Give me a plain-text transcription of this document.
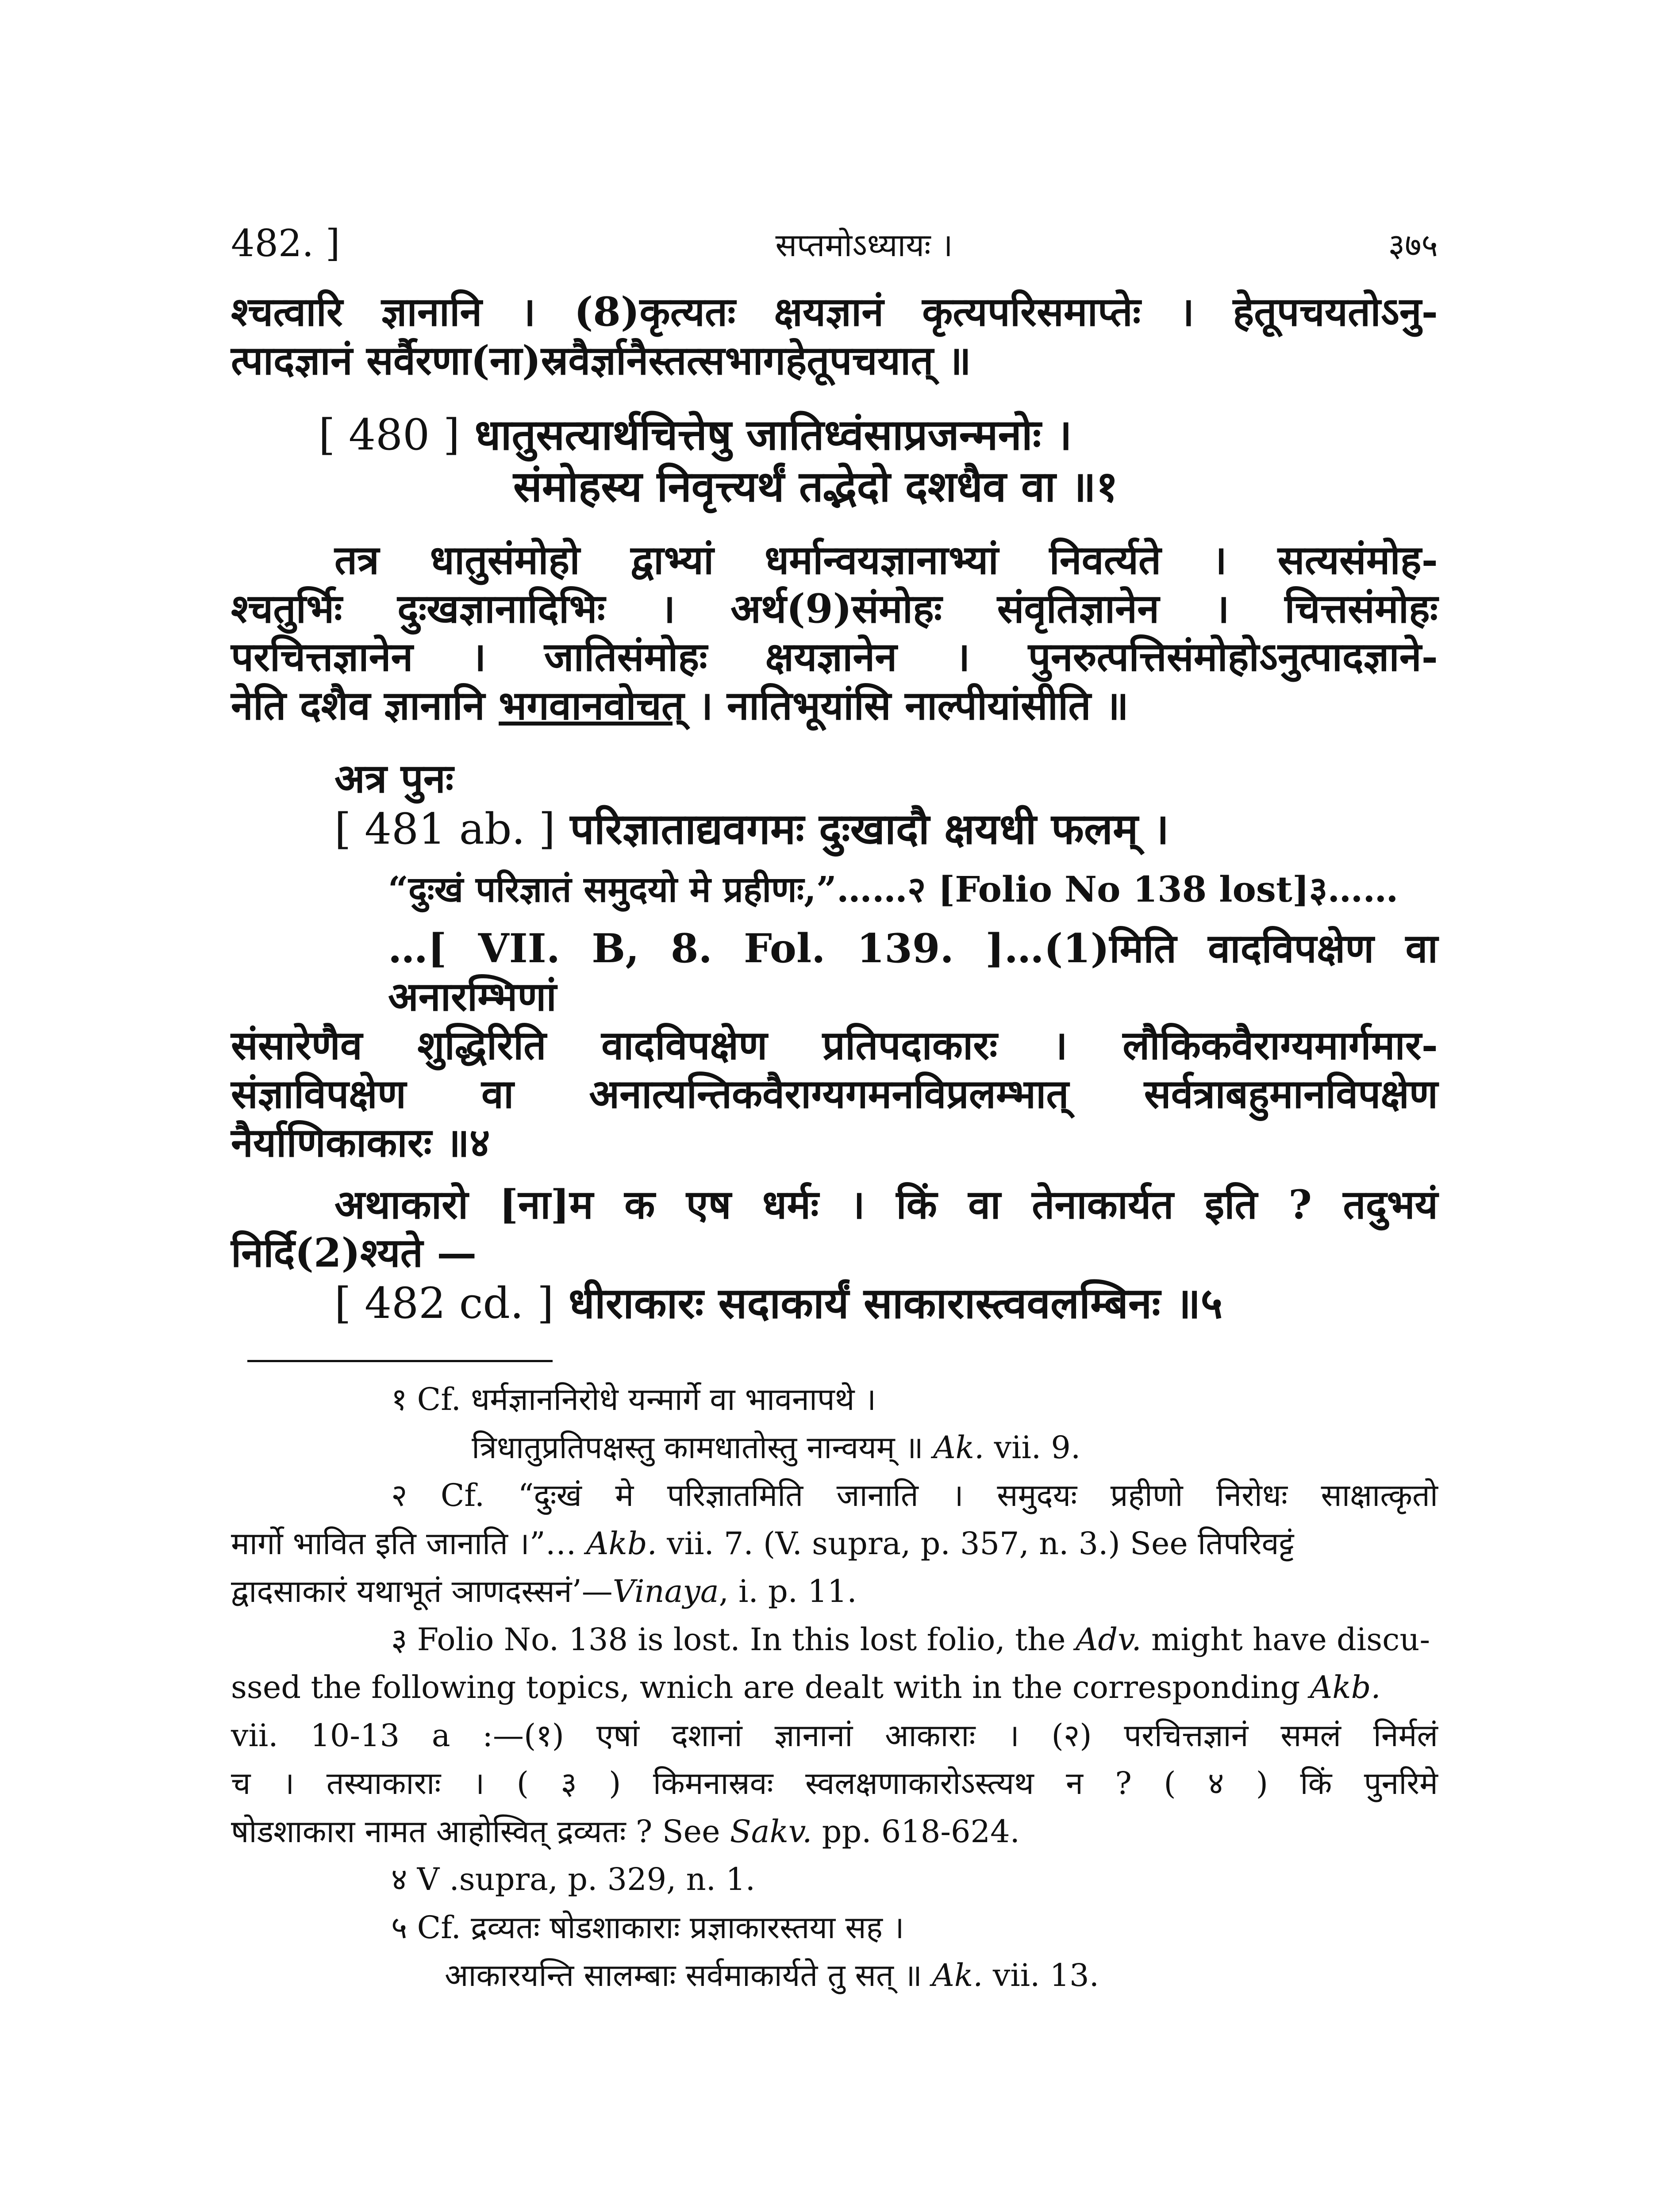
482. ]	सप्तमोऽध्यायः ।	३७५
श्चत्वारि ज्ञानानि । (8)कृत्यतः क्षयज्ञानं कृत्यपरिसमाप्तेः । हेतूपचयतोऽनु-
त्पादज्ञानं सर्वैरणा(ना)स्रवैर्ज्ञानैस्तत्सभागहेतूपचयात् ॥
[ 480 ] धातुसत्यार्थचित्तेषु जातिध्वंसाप्रजन्मनोः ।
संमोहस्य निवृत्त्यर्थं तद्भेदो दशधैव वा ॥१
तत्र धातुसंमोहो द्वाभ्यां धर्मान्वयज्ञानाभ्यां निवर्त्यते । सत्यसंमोह-
श्चतुर्भिः दुःखज्ञानादिभिः । अर्थ(9)संमोहः संवृतिज्ञानेन । चित्तसंमोहः
परचित्तज्ञानेन । जातिसंमोहः क्षयज्ञानेन । पुनरुत्पत्तिसंमोहोऽनुत्पादज्ञाने-
नेति दशैव ज्ञानानि भगवानवोचत् । नातिभूयांसि नाल्पीयांसीति ॥
अत्र पुनः
[ 481 ab. ] परिज्ञाताद्यवगमः दुःखादौ क्षयधी फलम् ।
“दुःखं परिज्ञातं समुदयो मे प्रहीणः,”……२ [Folio No 138 lost]३……
…[ VII. B, 8. Fol. 139. ]…(1)मिति वादविपक्षेण वा अनारम्भिणां
संसारेणैव शुद्धिरिति वादविपक्षेण प्रतिपदाकारः । लौकिकवैराग्यमार्गमार-
संज्ञाविपक्षेण वा अनात्यन्तिकवैराग्यगमनविप्रलम्भात् सर्वत्राबहुमानविपक्षेण
नैर्याणिकाकारः ॥४
अथाकारो [ना]म क एष धर्मः । किं वा तेनाकार्यत इति ? तदुभयं
निर्दि(2)श्यते —
[ 482 cd. ] धीराकारः सदाकार्यं साकारास्त्ववलम्बिनः ॥५
१ Cf. धर्मज्ञाननिरोधे यन्मार्गे वा भावनापथे ।
त्रिधातुप्रतिपक्षस्तु कामधातोस्तु नान्वयम् ॥ Ak. vii. 9.
२ Cf. “दुःखं मे परिज्ञातमिति जानाति । समुदयः प्रहीणो निरोधः साक्षात्कृतो
मार्गो भावित इति जानाति ।”… Akb. vii. 7. (V. supra, p. 357, n. 3.) See तिपरिवट्टं
द्वादसाकारं यथाभूतं ञाणदस्सनं’—Vinaya, i. p. 11.
३ Folio No. 138 is lost. In this lost folio, the Adv. might have discu-
ssed the following topics, wnich are dealt with in the corresponding Akb.
vii. 10-13 a :—(१) एषां दशानां ज्ञानानां आकाराः । (२) परचित्तज्ञानं समलं निर्मलं
च । तस्याकाराः । ( ३ ) किमनास्रवः स्वलक्षणाकारोऽस्त्यथ न ? ( ४ ) किं पुनरिमे
षोडशाकारा नामत आहोस्वित् द्रव्यतः ? See Sakv. pp. 618-624.
४ V .supra, p. 329, n. 1.
५ Cf. द्रव्यतः षोडशाकाराः प्रज्ञाकारस्तया सह ।
आकारयन्ति सालम्बाः सर्वमाकार्यते तु सत् ॥ Ak. vii. 13.
